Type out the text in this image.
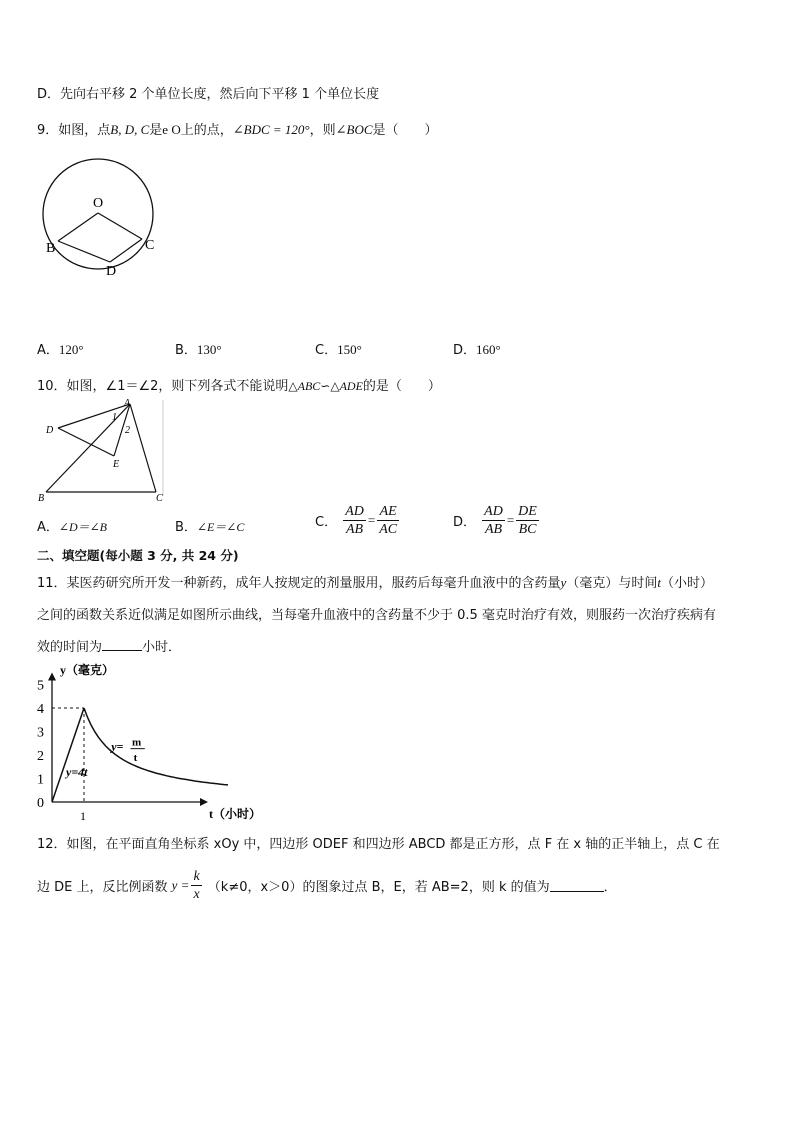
D．先向右平移 2 个单位长度，然后向下平移 1 个单位长度
9．如图，点B, D, C是e O上的点，∠BDC = 120°，则∠BOC是（　　）
O
B	C
D
A．120°	B．130°	C．150°	D．160°
10．如图，∠1＝∠2，则下列各式不能说明△ABC∽△ADE的是（　　）
A
B	C
D
E
1
2
A．∠D＝∠B	B．∠E＝∠C	C． $\frac{AD}{AB} = \frac{AE}{AC}$	D． $\frac{AD}{AB} = \frac{DE}{BC}$
二、填空题(每小题 3 分, 共 24 分)
11．某医药研究所开发一种新药，成年人按规定的剂量服用，服药后每毫升血液中的含药量y（毫克）与时间t（小时）
之间的函数关系近似满足如图所示曲线，当每毫升血液中的含药量不少于 0.5 毫克时治疗有效，则服药一次治疗疾病有
效的时间为	小时．
5
4
3
2
1
0
1
y（毫克）
t（小时）
y=4t
y= m
t
12．如图，在平面直角坐标系 xOy 中，四边形 ODEF 和四边形 ABCD 都是正方形，点 F 在 x 轴的正半轴上，点 C 在
边 DE 上，反比例函数 $y = \frac{k}{x} (k\ne 0$，x＞0）的图象过点 B，E，若 AB=2，则 k 的值为	．
